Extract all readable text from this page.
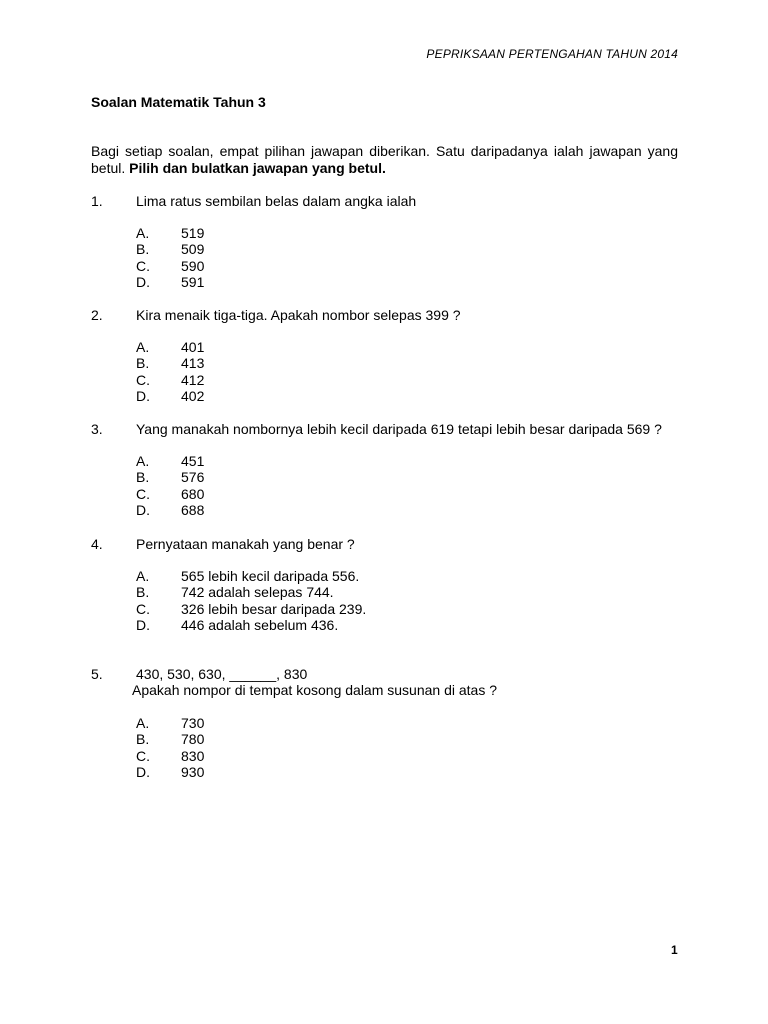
PEPRIKSAAN PERTENGAHAN TAHUN 2014
Soalan Matematik Tahun 3
Bagi setiap soalan, empat pilihan jawapan diberikan. Satu daripadanya ialah jawapan yang betul. Pilih dan bulatkan jawapan yang betul.
1. Lima ratus sembilan belas dalam angka ialah
A.	519
B.	509
C.	590
D.	591
2. Kira menaik tiga-tiga. Apakah nombor selepas 399 ?
A.	401
B.	413
C.	412
D.	402
3. Yang manakah nombornya lebih kecil daripada 619 tetapi lebih besar daripada 569 ?
A.	451
B.	576
C.	680
D.	688
4. Pernyataan manakah yang benar ?
A.	565 lebih kecil daripada 556.
B.	742 adalah selepas 744.
C.	326 lebih besar daripada 239.
D.	446 adalah sebelum 436.
5. 430, 530, 630, ______, 830
Apakah nompor di tempat kosong dalam susunan di atas ?
A.	730
B.	780
C.	830
D.	930
1
